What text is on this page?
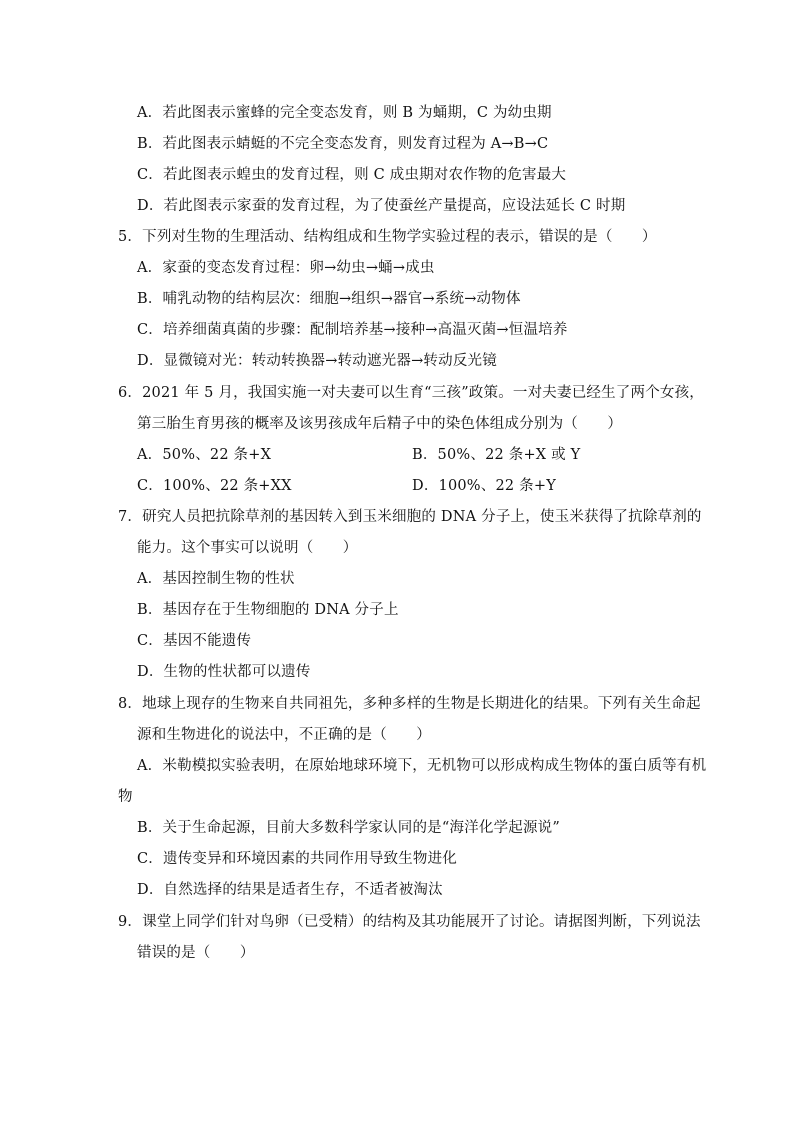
A．若此图表示蜜蜂的完全变态发育，则 B 为蛹期，C 为幼虫期
B．若此图表示蜻蜓的不完全变态发育，则发育过程为 A→B→C
C．若此图表示蝗虫的发育过程，则 C 成虫期对农作物的危害最大
D．若此图表示家蚕的发育过程，为了使蚕丝产量提高，应设法延长 C 时期
5．下列对生物的生理活动、结构组成和生物学实验过程的表示，错误的是（　　）
A．家蚕的变态发育过程：卵→幼虫→蛹→成虫
B．哺乳动物的结构层次：细胞→组织→器官→系统→动物体
C．培养细菌真菌的步骤：配制培养基→接种→高温灭菌→恒温培养
D．显微镜对光：转动转换器→转动遮光器→转动反光镜
6．2021 年 5 月，我国实施一对夫妻可以生育“三孩”政策。一对夫妻已经生了两个女孩，
第三胎生育男孩的概率及该男孩成年后精子中的染色体组成分别为（　　）
A．50%、22 条+X	B．50%、22 条+X 或 Y
C．100%、22 条+XX	D．100%、22 条+Y
7．研究人员把抗除草剂的基因转入到玉米细胞的 DNA 分子上，使玉米获得了抗除草剂的
能力。这个事实可以说明（　　）
A．基因控制生物的性状
B．基因存在于生物细胞的 DNA 分子上
C．基因不能遗传
D．生物的性状都可以遗传
8．地球上现存的生物来自共同祖先，多种多样的生物是长期进化的结果。下列有关生命起
源和生物进化的说法中，不正确的是（　　）
A．米勒模拟实验表明，在原始地球环境下，无机物可以形成构成生物体的蛋白质等有机
物
B．关于生命起源，目前大多数科学家认同的是“海洋化学起源说”
C．遗传变异和环境因素的共同作用导致生物进化
D．自然选择的结果是适者生存，不适者被淘汰
9．课堂上同学们针对鸟卵（已受精）的结构及其功能展开了讨论。请据图判断，下列说法
错误的是（　　）
